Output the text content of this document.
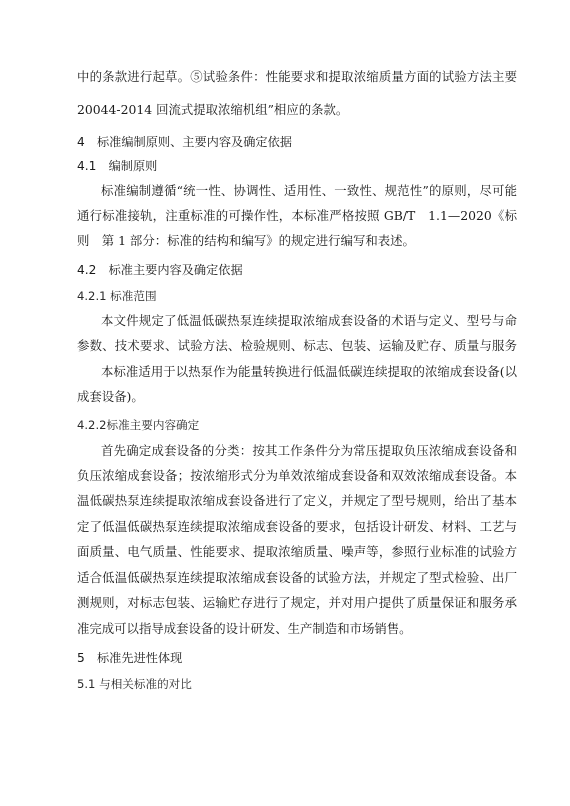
中的条款进行起草。⑤试验条件：性能要求和提取浓缩质量方面的试验方法主要
20044-2014 回流式提取浓缩机组”相应的条款。
4　标准编制原则、主要内容及确定依据
4.1　编制原则
标准编制遵循“统一性、协调性、适用性、一致性、规范性”的原则，尽可能
通行标准接轨，注重标准的可操作性，本标准严格按照 GB/T　1.1—2020《标
则　第 1 部分：标准的结构和编写》的规定进行编写和表述。
4.2　标准主要内容及确定依据
4.2.1 标准范围
本文件规定了低温低碳热泵连续提取浓缩成套设备的术语与定义、型号与命
参数、技术要求、试验方法、检验规则、标志、包装、运输及贮存、质量与服务
本标准适用于以热泵作为能量转换进行低温低碳连续提取的浓缩成套设备(以
成套设备)。
4.2.2标准主要内容确定
首先确定成套设备的分类：按其工作条件分为常压提取负压浓缩成套设备和
负压浓缩成套设备；按浓缩形式分为单效浓缩成套设备和双效浓缩成套设备。本
温低碳热泵连续提取浓缩成套设备进行了定义，并规定了型号规则，给出了基本
定了低温低碳热泵连续提取浓缩成套设备的要求，包括设计研发、材料、工艺与
面质量、电气质量、性能要求、提取浓缩质量、噪声等，参照行业标准的试验方
适合低温低碳热泵连续提取浓缩成套设备的试验方法，并规定了型式检验、出厂
测规则，对标志包装、运输贮存进行了规定，并对用户提供了质量保证和服务承
准完成可以指导成套设备的设计研发、生产制造和市场销售。
5　标准先进性体现
5.1 与相关标准的对比
